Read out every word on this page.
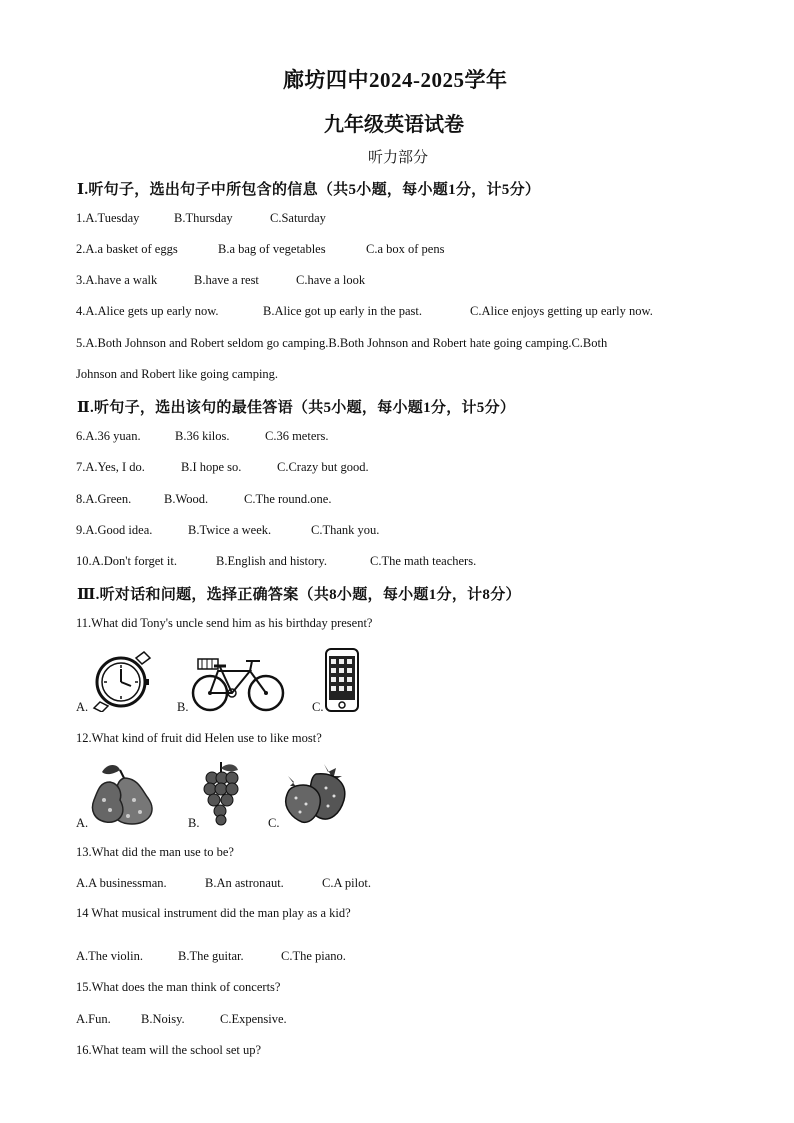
廊坊四中2024-2025学年
九年级英语试卷
听力部分
Ⅰ.听句子，选出句子中所包含的信息（共5小题，每小题1分，计5分）
1.A.Tuesday	B.Thursday	C.Saturday
2.A.a basket of eggs	B.a bag of vegetables	C.a box of pens
3.A.have a walk	B.have a rest	C.have a look
4.A.Alice gets up early now.	B.Alice got up early in the past.	C.Alice enjoys getting up early now.
5.A.Both Johnson and Robert seldom go camping.B.Both Johnson and Robert hate going camping.C.Both
Johnson and Robert like going camping.
Ⅱ.听句子，选出该句的最佳答语（共5小题，每小题1分，计5分）
6.A.36 yuan.	B.36 kilos.	C.36 meters.
7.A.Yes, I do.	B.I hope so.	C.Crazy but good.
8.A.Green.	B.Wood.	C.The round.one.
9.A.Good idea.	B.Twice a week.	C.Thank you.
10.A.Don't forget it.	B.English and history.	C.The math teachers.
Ⅲ.听对话和问题，选择正确答案（共8小题，每小题1分，计8分）
11.What did Tony's uncle send him as his birthday present?
A.	B.	C.
12.What kind of fruit did Helen use to like most?
A.	B.	C.
13.What did the man use to be?
A.A businessman.	B.An astronaut.	C.A pilot.
14 What musical instrument did the man play as a kid?
A.The violin.	B.The guitar.	C.The piano.
15.What does the man think of concerts?
A.Fun. B.Noisy.	C.Expensive.
16.What team will the school set up?
